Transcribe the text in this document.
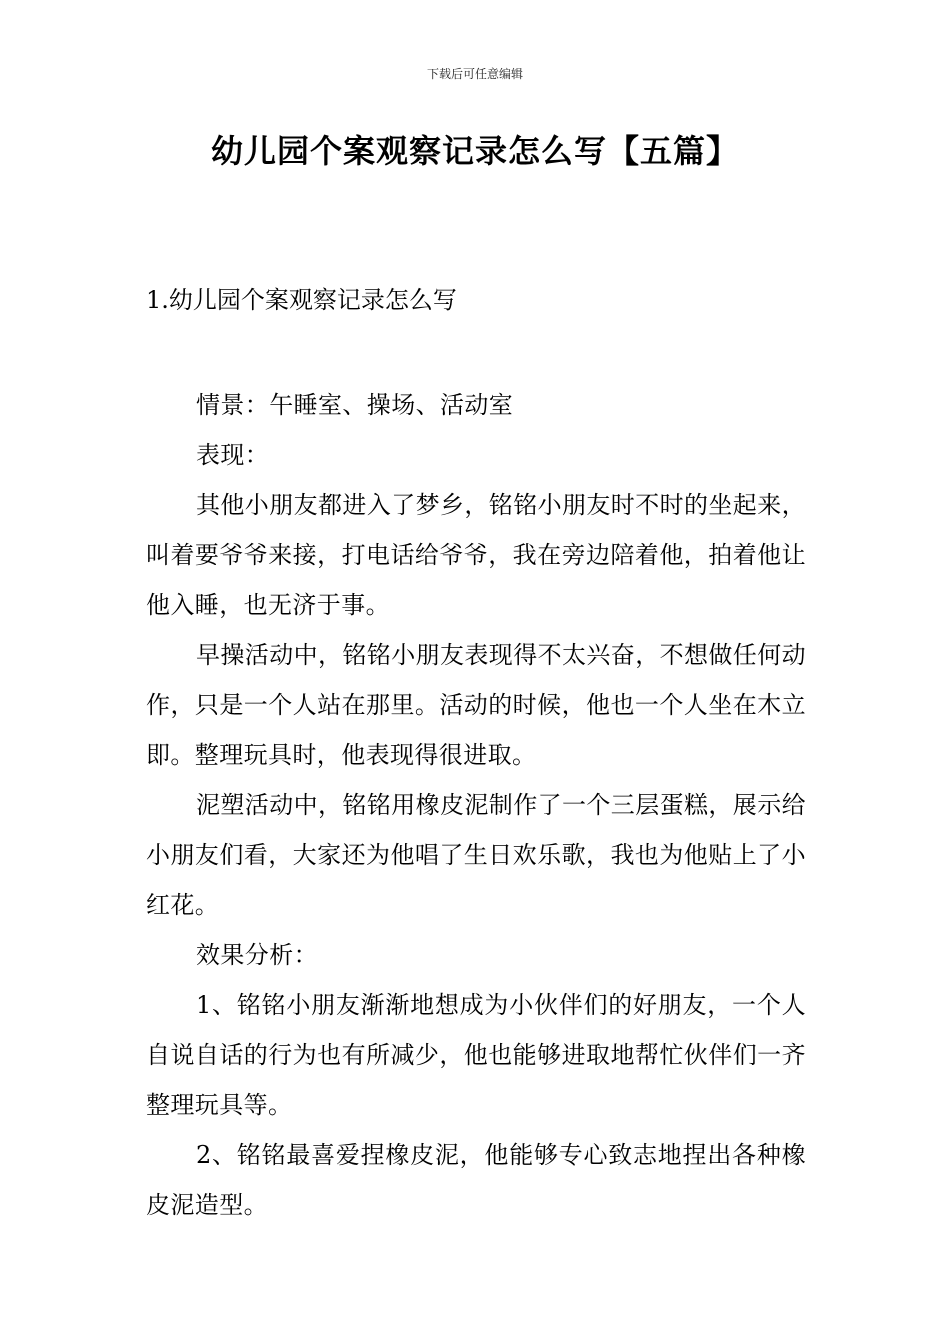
下载后可任意编辑
幼儿园个案观察记录怎么写【五篇】
1.幼儿园个案观察记录怎么写

情景：午睡室、操场、活动室

表现：

其他小朋友都进入了梦乡，铭铭小朋友时不时的坐起来，叫着要爷爷来接，打电话给爷爷，我在旁边陪着他，拍着他让他入睡，也无济于事。

早操活动中，铭铭小朋友表现得不太兴奋，不想做任何动作，只是一个人站在那里。活动的时候，他也一个人坐在木立即。整理玩具时，他表现得很进取。

泥塑活动中，铭铭用橡皮泥制作了一个三层蛋糕，展示给小朋友们看，大家还为他唱了生日欢乐歌，我也为他贴上了小红花。

效果分析：

1、铭铭小朋友渐渐地想成为小伙伴们的好朋友，一个人自说自话的行为也有所减少，他也能够进取地帮忙伙伴们一齐整理玩具等。

2、铭铭最喜爱捏橡皮泥，他能够专心致志地捏出各种橡皮泥造型。
